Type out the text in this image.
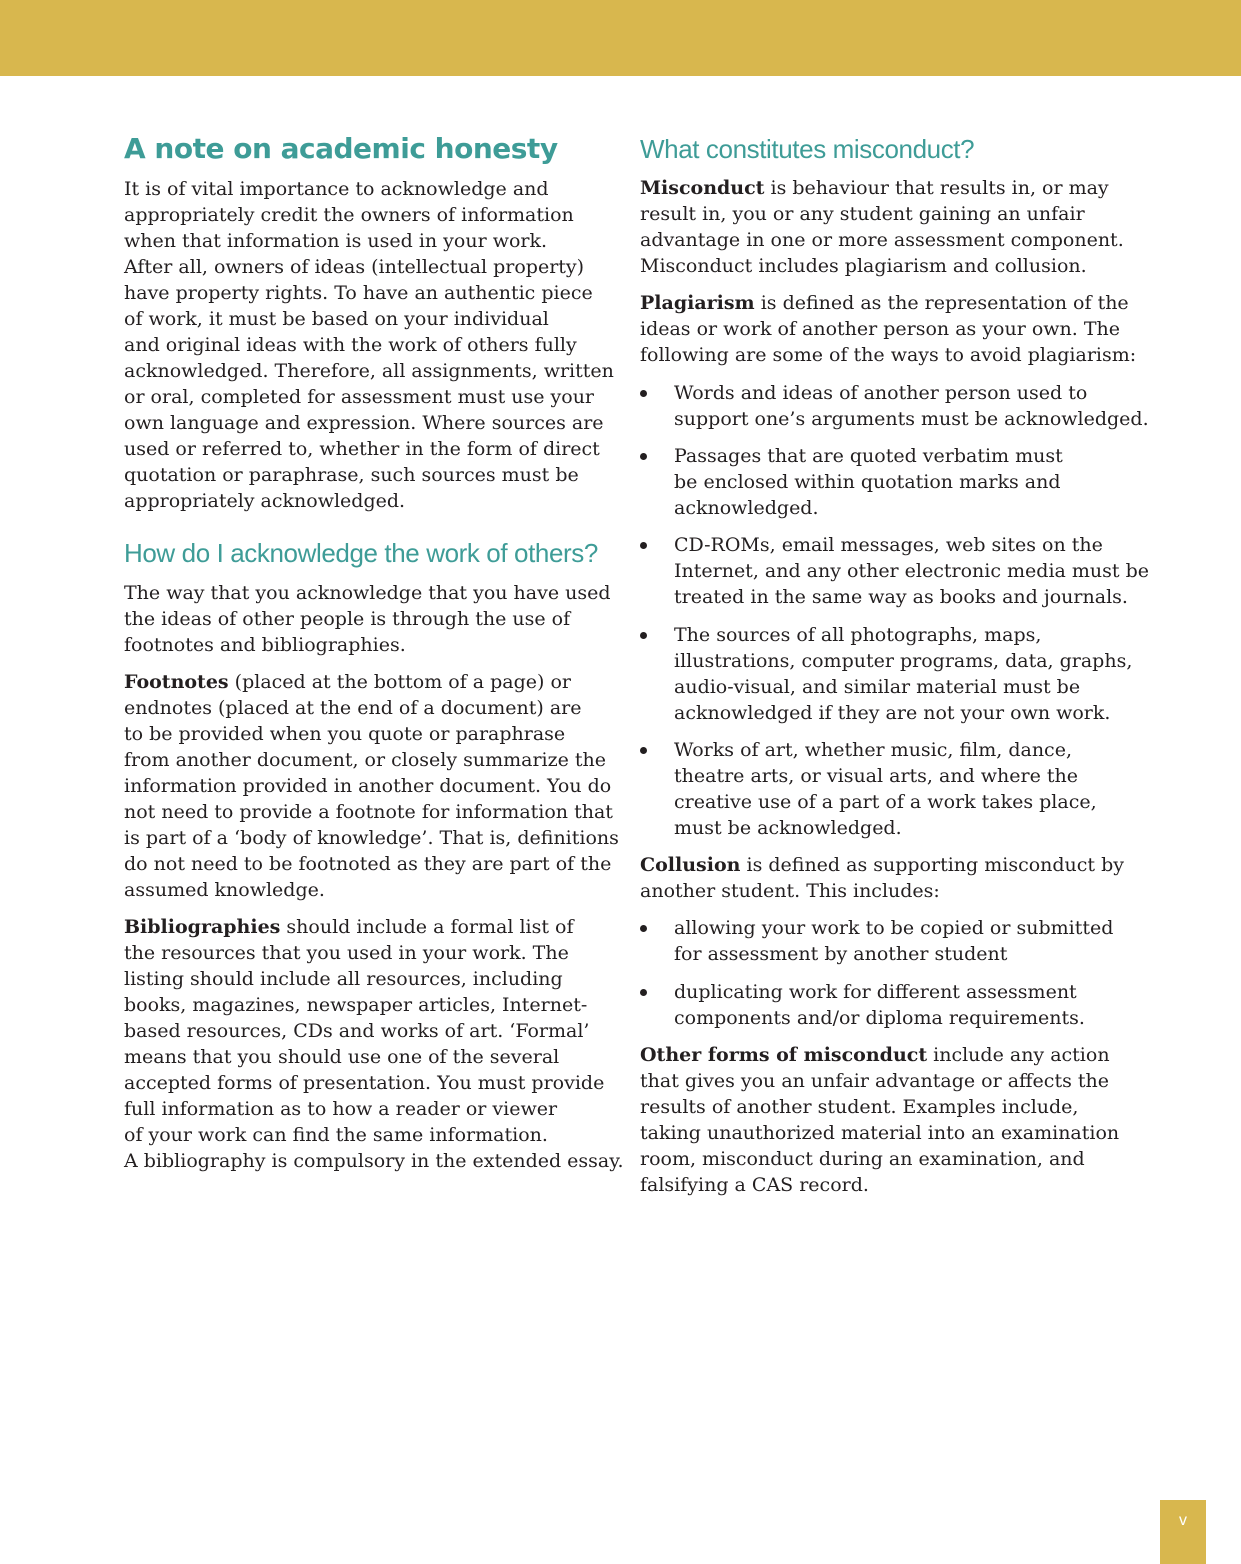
A note on academic honesty

It is of vital importance to acknowledge and
appropriately credit the owners of information
when that information is used in your work.
After all, owners of ideas (intellectual property)
have property rights. To have an authentic piece
of work, it must be based on your individual
and original ideas with the work of others fully
acknowledged. Therefore, all assignments, written
or oral, completed for assessment must use your
own language and expression. Where sources are
used or referred to, whether in the form of direct
quotation or paraphrase, such sources must be
appropriately acknowledged.

How do I acknowledge the work of others?

The way that you acknowledge that you have used
the ideas of other people is through the use of
footnotes and bibliographies.

Footnotes (placed at the bottom of a page) or
endnotes (placed at the end of a document) are
to be provided when you quote or paraphrase
from another document, or closely summarize the
information provided in another document. You do
not need to provide a footnote for information that
is part of a ‘body of knowledge’. That is, definitions
do not need to be footnoted as they are part of the
assumed knowledge.

Bibliographies should include a formal list of
the resources that you used in your work. The
listing should include all resources, including
books, magazines, newspaper articles, Internet-
based resources, CDs and works of art. ‘Formal’
means that you should use one of the several
accepted forms of presentation. You must provide
full information as to how a reader or viewer
of your work can find the same information.
A bibliography is compulsory in the extended essay.

What constitutes misconduct?

Misconduct is behaviour that results in, or may
result in, you or any student gaining an unfair
advantage in one or more assessment component.
Misconduct includes plagiarism and collusion.

Plagiarism is defined as the representation of the
ideas or work of another person as your own. The
following are some of the ways to avoid plagiarism:

Words and ideas of another person used to
support one’s arguments must be acknowledged.
Passages that are quoted verbatim must
be enclosed within quotation marks and
acknowledged.
CD-ROMs, email messages, web sites on the
Internet, and any other electronic media must be
treated in the same way as books and journals.
The sources of all photographs, maps,
illustrations, computer programs, data, graphs,
audio-visual, and similar material must be
acknowledged if they are not your own work.
Works of art, whether music, film, dance,
theatre arts, or visual arts, and where the
creative use of a part of a work takes place,
must be acknowledged.

Collusion is defined as supporting misconduct by
another student. This includes:

allowing your work to be copied or submitted
for assessment by another student
duplicating work for different assessment
components and/or diploma requirements.

Other forms of misconduct include any action
that gives you an unfair advantage or affects the
results of another student. Examples include,
taking unauthorized material into an examination
room, misconduct during an examination, and
falsifying a CAS record.

v
